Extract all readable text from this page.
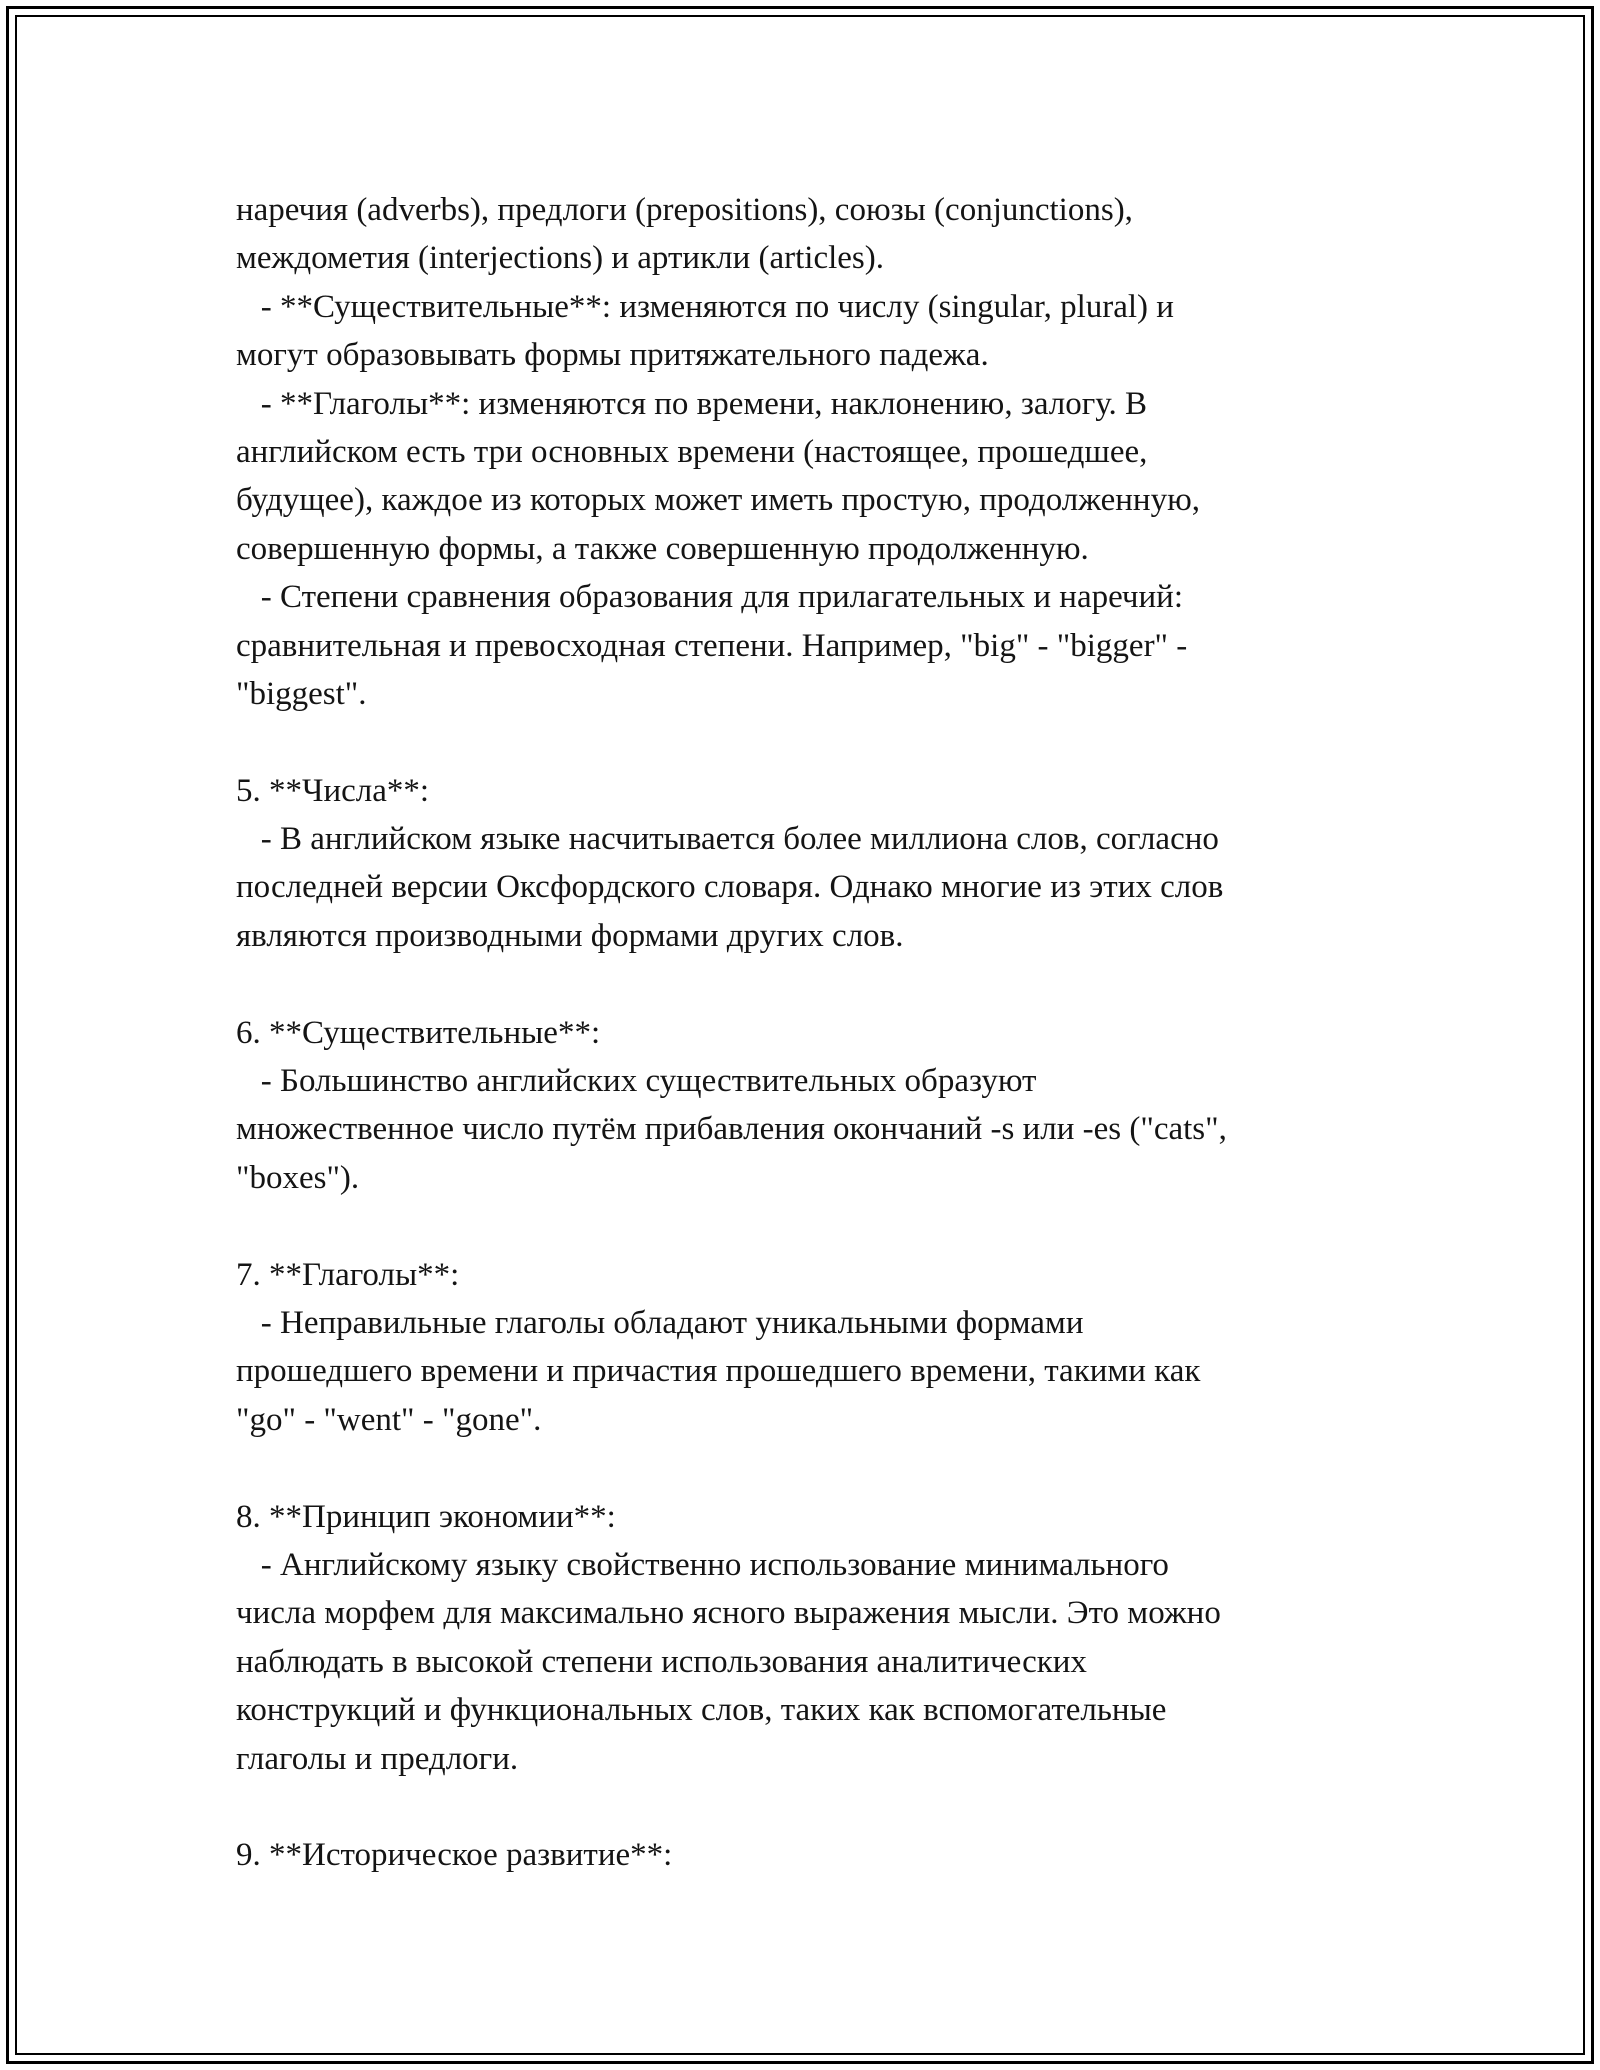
наречия (adverbs), предлоги (prepositions), союзы (conjunctions),
междометия (interjections) и артикли (articles).
- **Существительные**: изменяются по числу (singular, plural) и
могут образовывать формы притяжательного падежа.
- **Глаголы**: изменяются по времени, наклонению, залогу. В
английском есть три основных времени (настоящее, прошедшее,
будущее), каждое из которых может иметь простую, продолженную,
совершенную формы, а также совершенную продолженную.
- Степени сравнения образования для прилагательных и наречий:
сравнительная и превосходная степени. Например, "big" - "bigger" -
"biggest".
5. **Числа**:
- В английском языке насчитывается более миллиона слов, согласно
последней версии Оксфордского словаря. Однако многие из этих слов
являются производными формами других слов.
6. **Существительные**:
- Большинство английских существительных образуют
множественное число путём прибавления окончаний -s или -es ("cats",
"boxes").
7. **Глаголы**:
- Неправильные глаголы обладают уникальными формами
прошедшего времени и причастия прошедшего времени, такими как
"go" - "went" - "gone".
8. **Принцип экономии**:
- Английскому языку свойственно использование минимального
числа морфем для максимально ясного выражения мысли. Это можно
наблюдать в высокой степени использования аналитических
конструкций и функциональных слов, таких как вспомогательные
глаголы и предлоги.
9. **Историческое развитие**:
